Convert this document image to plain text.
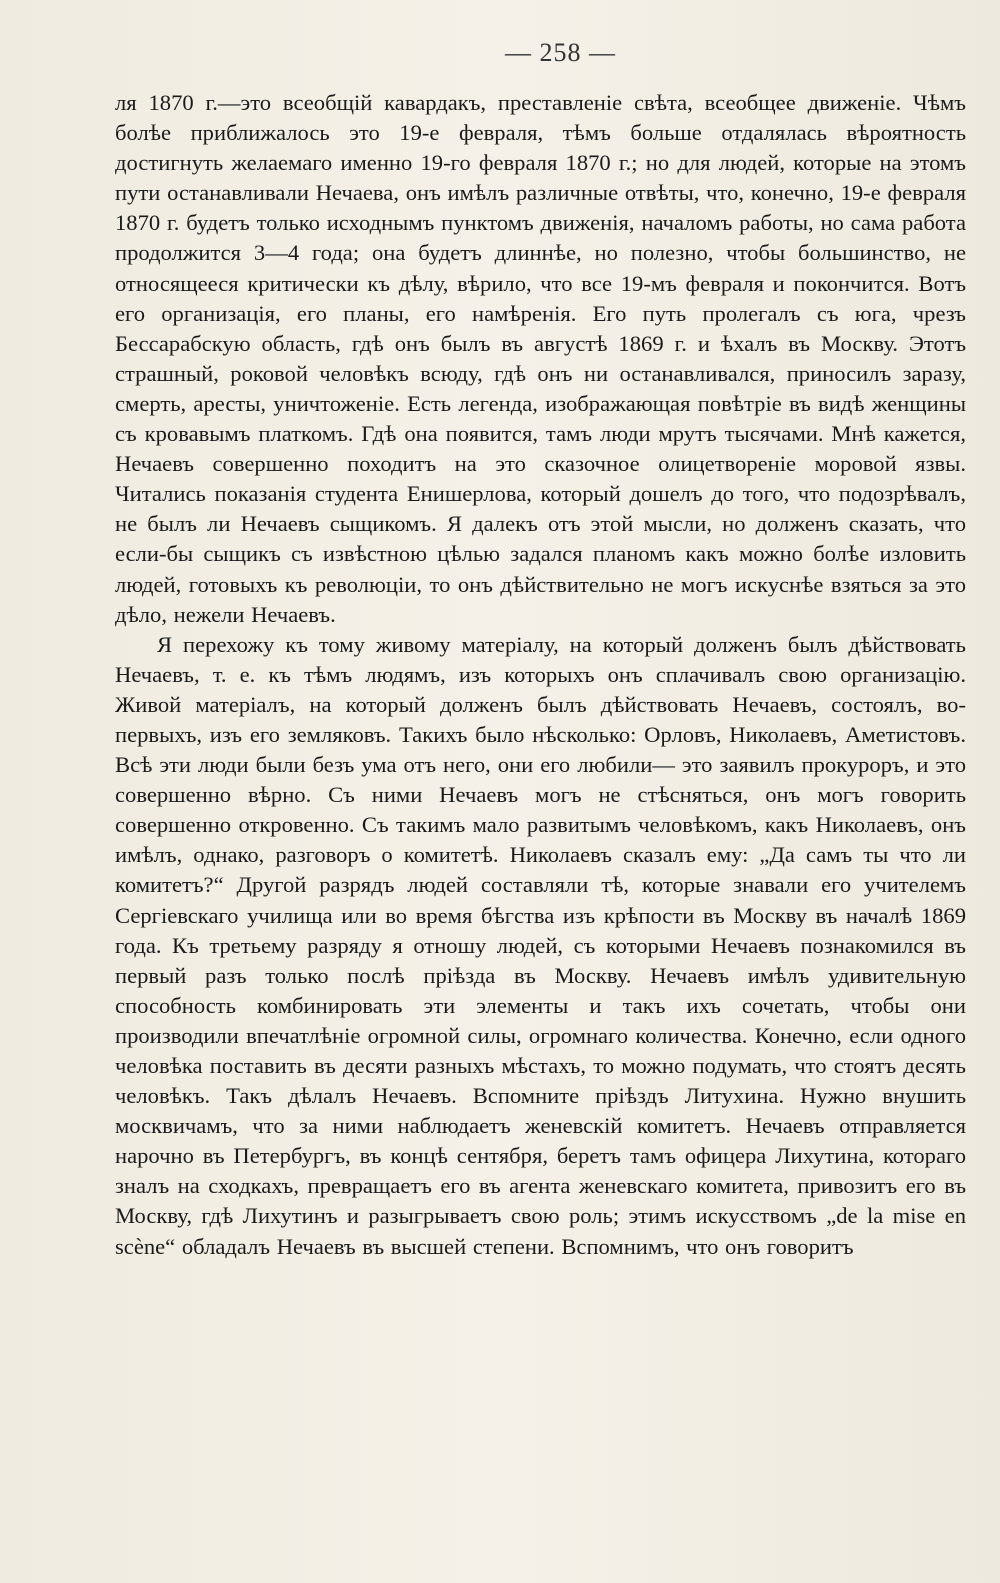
— 258 —

ля 1870 г.—это всеобщій кавардакъ, преставленіе свѣта, всеобщее движеніе. Чѣмъ болѣе приближалось это 19-е февраля, тѣмъ больше отдалялась вѣроятность достигнуть желаемаго именно 19-го февраля 1870 г.; но для людей, которые на этомъ пути останавливали Нечаева, онъ имѣлъ различные отвѣты, что, конечно, 19-е февраля 1870 г. будетъ только исходнымъ пунктомъ движенія, началомъ работы, но сама работа продолжится 3—4 года; она будетъ длиннѣе, но полезно, чтобы большинство, не относящееся критически къ дѣлу, вѣрило, что все 19-мъ февраля и покончится. Вотъ его организація, его планы, его намѣренія. Его путь пролегалъ съ юга, чрезъ Бессарабскую область, гдѣ онъ былъ въ августѣ 1869 г. и ѣхалъ въ Москву. Этотъ страшный, роковой человѣкъ всюду, гдѣ онъ ни останавливался, приносилъ заразу, смерть, аресты, уничтоженіе. Есть легенда, изображающая повѣтріе въ видѣ женщины съ кровавымъ платкомъ. Гдѣ она появится, тамъ люди мрутъ тысячами. Мнѣ кажется, Нечаевъ совершенно походитъ на это сказочное олицетвореніе моровой язвы. Читались показанія студента Енишерлова, который дошелъ до того, что подозрѣвалъ, не былъ ли Нечаевъ сыщикомъ. Я далекъ отъ этой мысли, но долженъ сказать, что если-бы сыщикъ съ извѣстною цѣлью задался планомъ какъ можно болѣе изловить людей, готовыхъ къ революціи, то онъ дѣйствительно не могъ искуснѣе взяться за это дѣло, нежели Нечаевъ.

Я перехожу къ тому живому матеріалу, на который долженъ былъ дѣйствовать Нечаевъ, т. е. къ тѣмъ людямъ, изъ которыхъ онъ сплачивалъ свою организацію. Живой матеріалъ, на который долженъ былъ дѣйствовать Нечаевъ, состоялъ, во-первыхъ, изъ его земляковъ. Такихъ было нѣсколько: Орловъ, Николаевъ, Аметистовъ. Всѣ эти люди были безъ ума отъ него, они его любили— это заявилъ прокуроръ, и это совершенно вѣрно. Съ ними Нечаевъ могъ не стѣсняться, онъ могъ говорить совершенно откровенно. Съ такимъ мало развитымъ человѣкомъ, какъ Николаевъ, онъ имѣлъ, однако, разговоръ о комитетѣ. Николаевъ сказалъ ему: „Да самъ ты что ли комитетъ?“ Другой разрядъ людей составляли тѣ, которые знавали его учителемъ Сергіевскаго училища или во время бѣгства изъ крѣпости въ Москву въ началѣ 1869 года. Къ третьему разряду я отношу людей, съ которыми Нечаевъ познакомился въ первый разъ только послѣ пріѣзда въ Москву. Нечаевъ имѣлъ удивительную способность комбинировать эти элементы и такъ ихъ сочетать, чтобы они производили впечатлѣніе огромной силы, огромнаго количества. Конечно, если одного человѣка поставить въ десяти разныхъ мѣстахъ, то можно подумать, что стоятъ десять человѣкъ. Такъ дѣлалъ Нечаевъ. Вспомните пріѣздъ Литухина. Нужно внушить москвичамъ, что за ними наблюдаетъ женевскій комитетъ. Нечаевъ отправляется нарочно въ Петербургъ, въ концѣ сентября, беретъ тамъ офицера Лихутина, котораго зналъ на сходкахъ, превращаетъ его въ агента женевскаго комитета, привозитъ его въ Москву, гдѣ Лихутинъ и разыгрываетъ свою роль; этимъ искусствомъ „de la mise en scène“ обладалъ Нечаевъ въ высшей степени. Вспомнимъ, что онъ говоритъ
